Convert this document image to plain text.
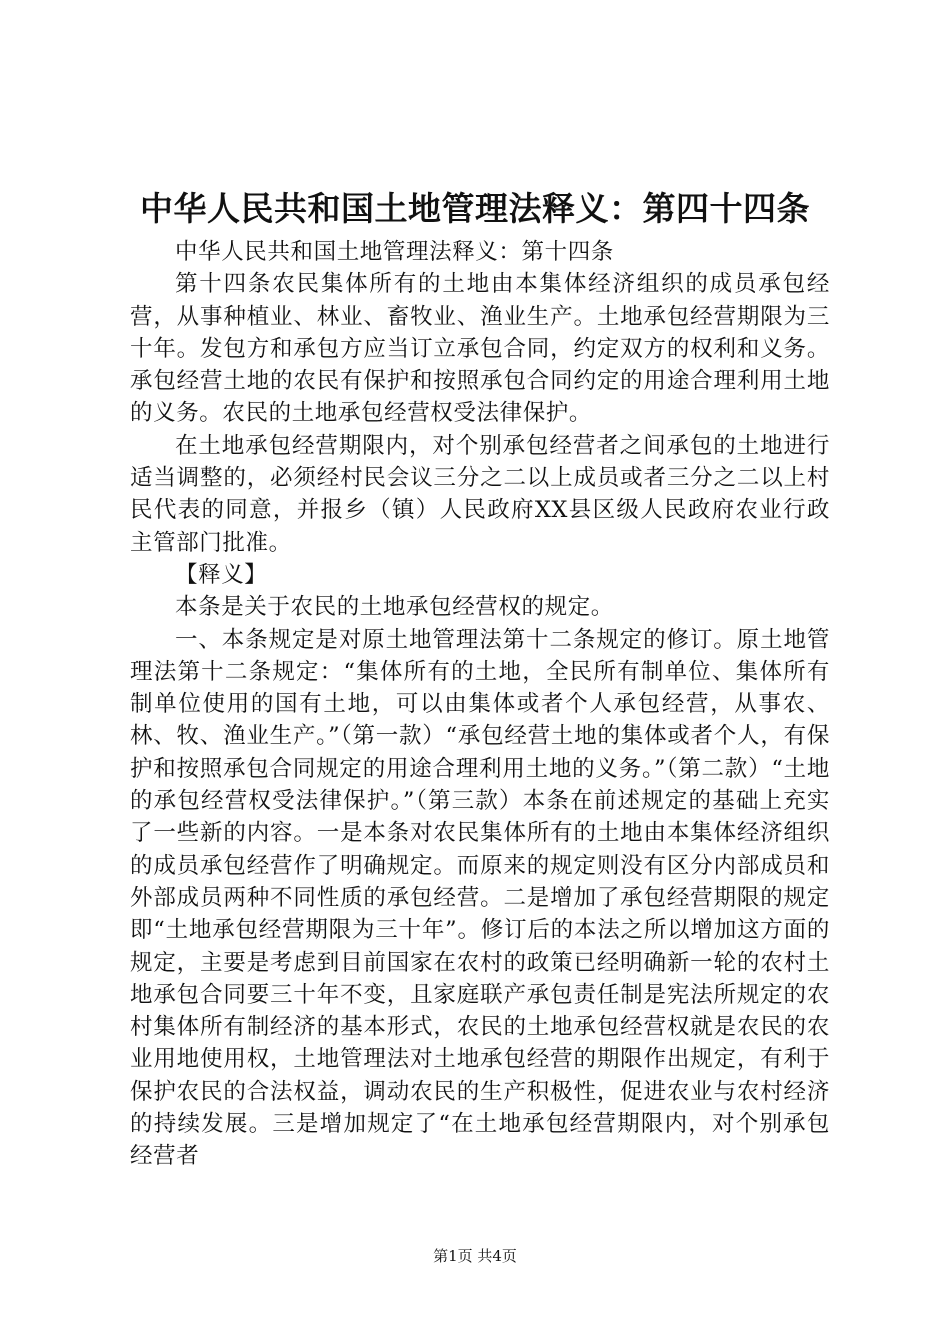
中华人民共和国土地管理法释义：第四十四条

中华人民共和国土地管理法释义：第十四条

第十四条农民集体所有的土地由本集体经济组织的成员承包经营，从事种植业、林业、畜牧业、渔业生产。土地承包经营期限为三十年。发包方和承包方应当订立承包合同，约定双方的权利和义务。承包经营土地的农民有保护和按照承包合同约定的用途合理利用土地的义务。农民的土地承包经营权受法律保护。

在土地承包经营期限内，对个别承包经营者之间承包的土地进行适当调整的，必须经村民会议三分之二以上成员或者三分之二以上村民代表的同意，并报乡（镇）人民政府XX县区级人民政府农业行政主管部门批准。

【释义】

本条是关于农民的土地承包经营权的规定。

一、本条规定是对原土地管理法第十二条规定的修订。原土地管理法第十二条规定：“集体所有的土地，全民所有制单位、集体所有制单位使用的国有土地，可以由集体或者个人承包经营，从事农、林、牧、渔业生产。”（第一款）“承包经营土地的集体或者个人，有保护和按照承包合同规定的用途合理利用土地的义务。”（第二款）“土地的承包经营权受法律保护。”（第三款）本条在前述规定的基础上充实了一些新的内容。一是本条对农民集体所有的土地由本集体经济组织的成员承包经营作了明确规定。而原来的规定则没有区分内部成员和外部成员两种不同性质的承包经营。二是增加了承包经营期限的规定即“土地承包经营期限为三十年”。修订后的本法之所以增加这方面的规定，主要是考虑到目前国家在农村的政策已经明确新一轮的农村土地承包合同要三十年不变，且家庭联产承包责任制是宪法所规定的农村集体所有制经济的基本形式，农民的土地承包经营权就是农民的农业用地使用权，土地管理法对土地承包经营的期限作出规定，有利于保护农民的合法权益，调动农民的生产积极性，促进农业与农村经济的持续发展。三是增加规定了“在土地承包经营期限内，对个别承包经营者

第1页 共4页
